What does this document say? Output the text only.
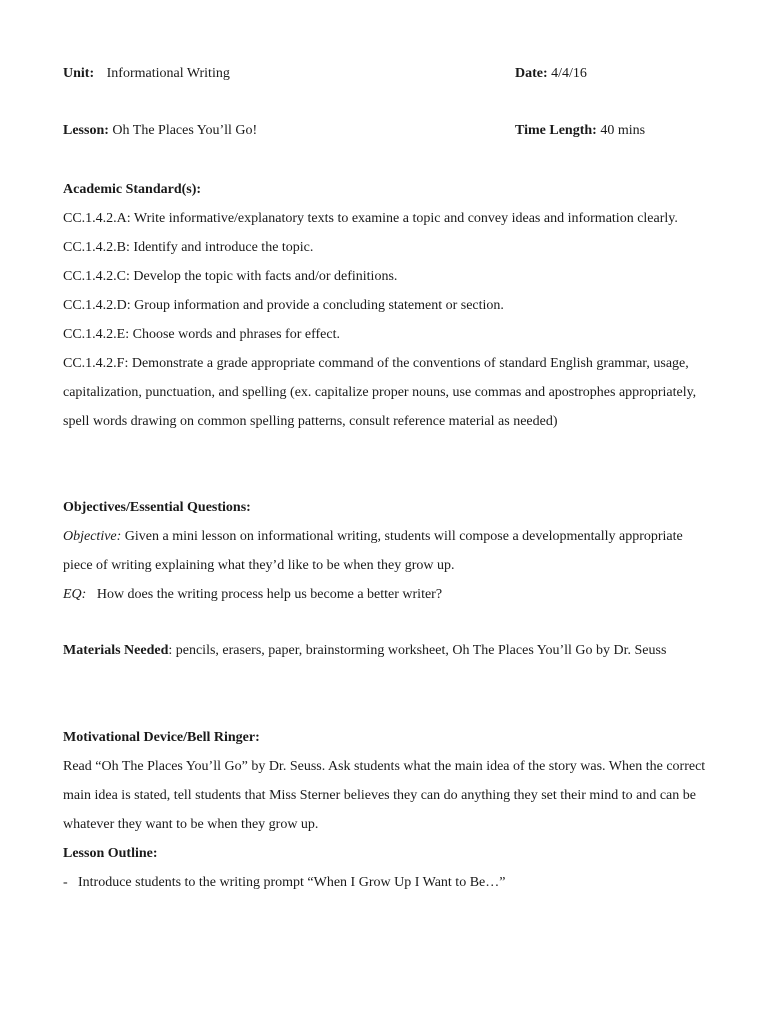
Unit: Informational Writing	Date: 4/4/16
Lesson: Oh The Places You’ll Go!	Time Length: 40 mins

Academic Standard(s):

CC.1.4.2.A: Write informative/explanatory texts to examine a topic and convey ideas and information clearly.

CC.1.4.2.B: Identify and introduce the topic.

CC.1.4.2.C: Develop the topic with facts and/or definitions.

CC.1.4.2.D: Group information and provide a concluding statement or section.

CC.1.4.2.E: Choose words and phrases for effect.

CC.1.4.2.F: Demonstrate a grade appropriate command of the conventions of standard English grammar, usage, capitalization, punctuation, and spelling (ex. capitalize proper nouns, use commas and apostrophes appropriately, spell words drawing on common spelling patterns, consult reference material as needed)

Objectives/Essential Questions:

Objective: Given a mini lesson on informational writing, students will compose a developmentally appropriate piece of writing explaining what they’d like to be when they grow up.

EQ:   How does the writing process help us become a better writer?

Materials Needed: pencils, erasers, paper, brainstorming worksheet, Oh The Places You’ll Go by Dr. Seuss

Motivational Device/Bell Ringer:

Read “Oh The Places You’ll Go” by Dr. Seuss. Ask students what the main idea of the story was. When the correct main idea is stated, tell students that Miss Sterner believes they can do anything they set their mind to and can be whatever they want to be when they grow up.

Lesson Outline:

- Introduce students to the writing prompt “When I Grow Up I Want to Be…”
